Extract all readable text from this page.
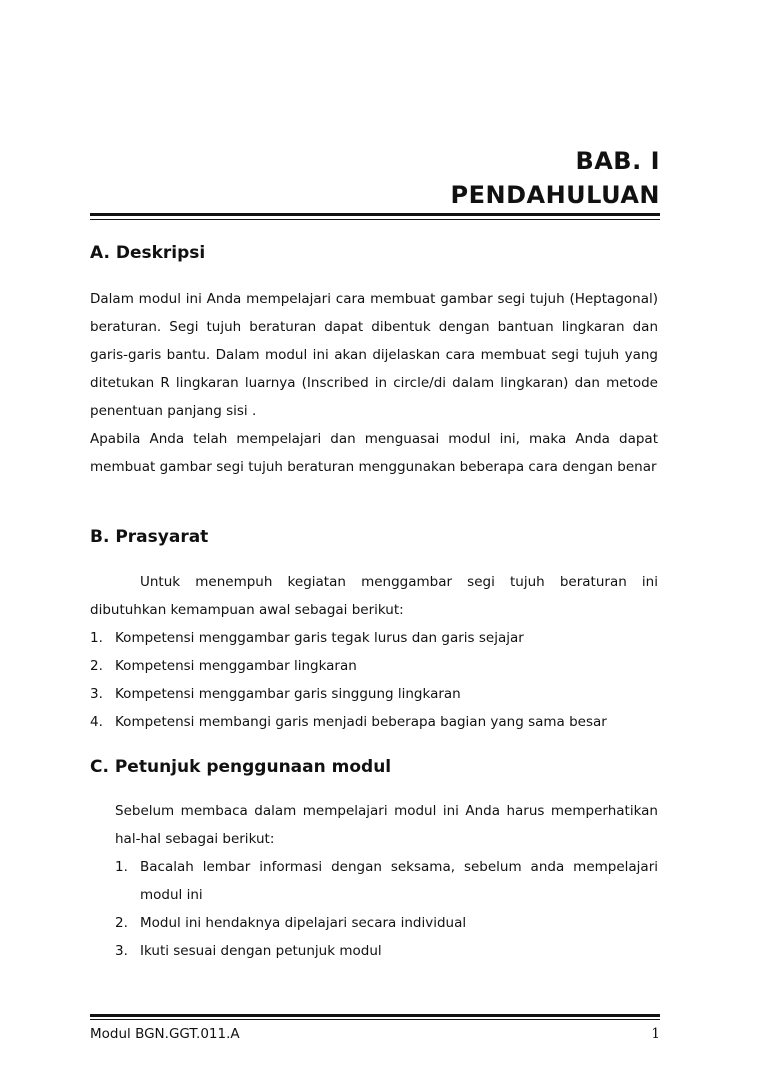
BAB. I
PENDAHULUAN
A. Deskripsi

Dalam modul ini Anda mempelajari cara membuat gambar segi tujuh (Heptagonal) beraturan. Segi tujuh beraturan dapat dibentuk dengan bantuan lingkaran dan garis-garis bantu. Dalam modul ini akan dijelaskan cara membuat segi tujuh yang ditetukan R lingkaran luarnya (Inscribed in circle/di dalam lingkaran) dan metode penentuan panjang sisi .

Apabila Anda telah mempelajari dan menguasai modul ini, maka Anda dapat membuat gambar segi tujuh beraturan menggunakan beberapa cara dengan benar

B. Prasyarat

Untuk menempuh kegiatan menggambar segi tujuh beraturan ini

dibutuhkan kemampuan awal sebagai berikut:

1. Kompetensi menggambar garis tegak lurus dan garis sejajar
2. Kompetensi menggambar lingkaran
3. Kompetensi menggambar garis singgung lingkaran
4. Kompetensi membangi garis menjadi beberapa bagian yang sama besar
C. Petunjuk penggunaan modul

Sebelum membaca dalam mempelajari modul ini Anda harus memperhatikan hal-hal sebagai berikut:

1. Bacalah lembar informasi dengan seksama, sebelum anda mempelajari modul ini
2. Modul ini hendaknya dipelajari secara individual
3. Ikuti sesuai dengan petunjuk modul
Modul BGN.GGT.011.A	1
